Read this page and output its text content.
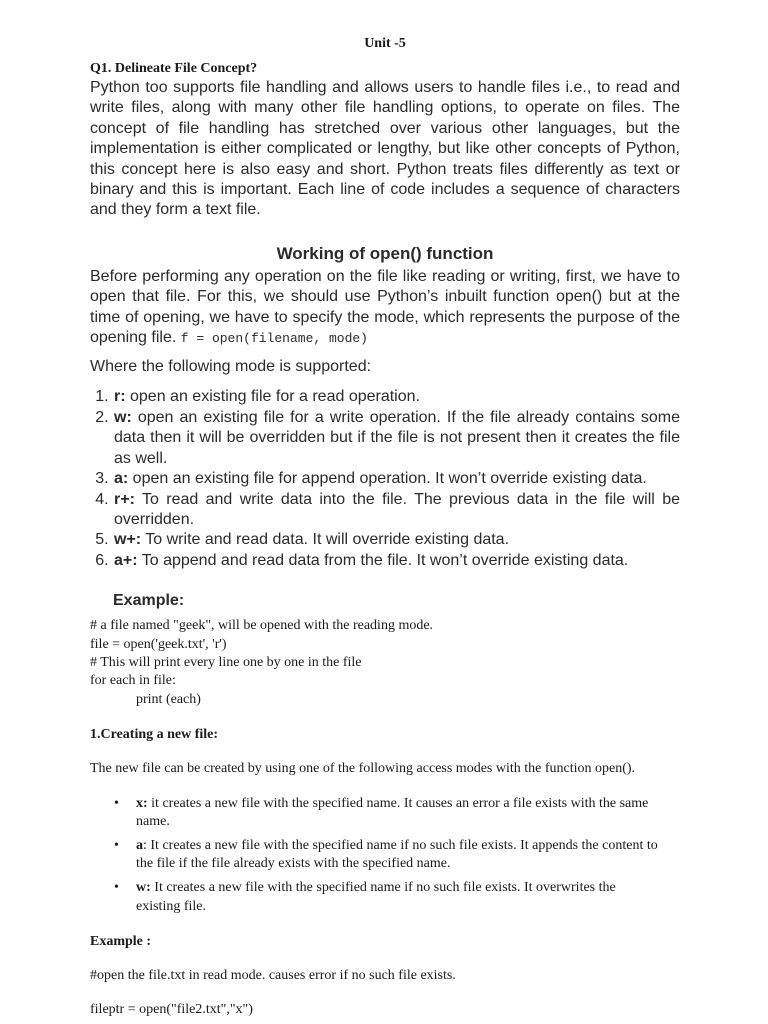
Unit -5
Q1. Delineate File Concept?

Python too supports file handling and allows users to handle files i.e., to read and write files, along with many other file handling options, to operate on files. The concept of file handling has stretched over various other languages, but the implementation is either complicated or lengthy, but like other concepts of Python, this concept here is also easy and short. Python treats files differently as text or binary and this is important. Each line of code includes a sequence of characters and they form a text file.

Working of open() function

Before performing any operation on the file like reading or writing, first, we have to open that file. For this, we should use Python’s inbuilt function open() but at the time of opening, we have to specify the mode, which represents the purpose of the opening file. f = open(filename, mode)

Where the following mode is supported:
1. r: open an existing file for a read operation.
2. w: open an existing file for a write operation. If the file already contains some data then it will be overridden but if the file is not present then it creates the file as well.
3. a: open an existing file for append operation. It won’t override existing data.
4. r+: To read and write data into the file. The previous data in the file will be overridden.
5. w+: To write and read data. It will override existing data.
6. a+: To append and read data from the file. It won’t override existing data.
Example:
# a file named "geek", will be opened with the reading mode.
file = open('geek.txt', 'r')
# This will print every line one by one in the file
for each in file:
print (each)
1.Creating a new file:

The new file can be created by using one of the following access modes with the function open().

• x: it creates a new file with the specified name. It causes an error a file exists with the same name.
• a: It creates a new file with the specified name if no such file exists. It appends the content to the file if the file already exists with the specified name.
• w: It creates a new file with the specified name if no such file exists. It overwrites the existing file.
Example :
#open the file.txt in read mode. causes error if no such file exists.
fileptr = open("file2.txt","x")
